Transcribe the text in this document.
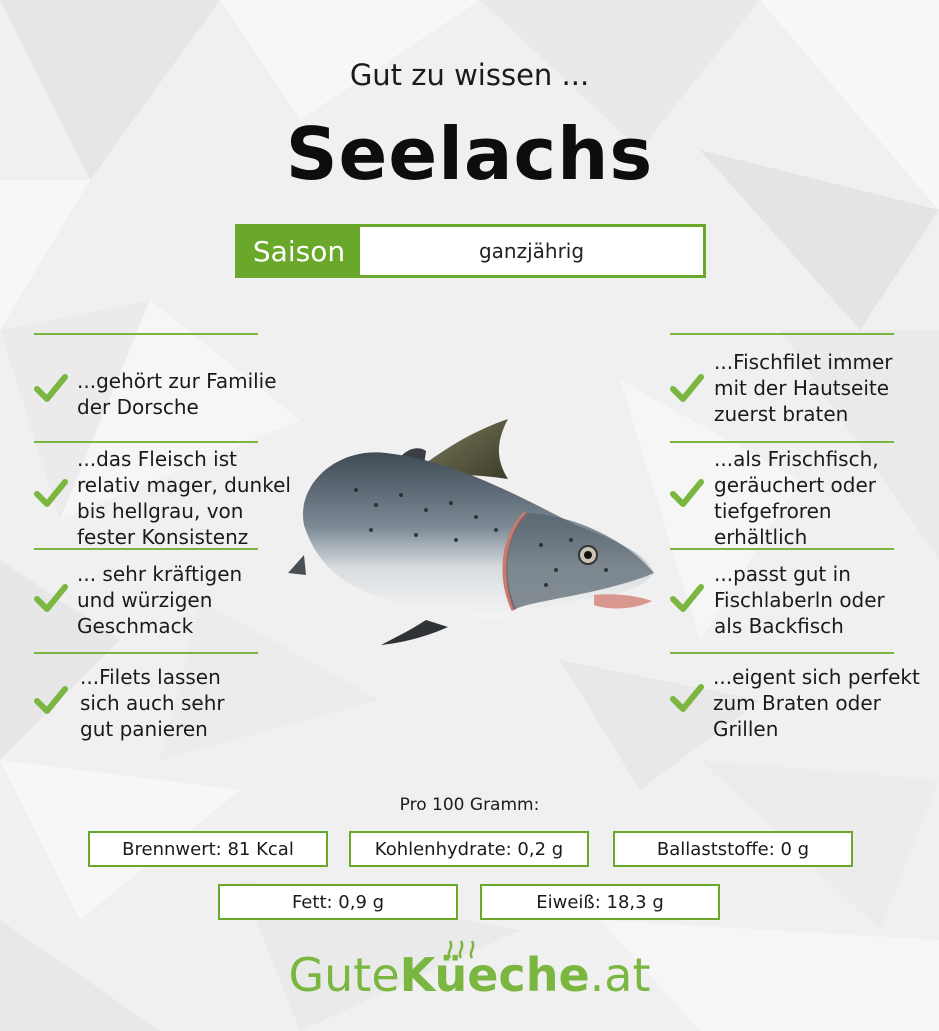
Gut zu wissen ...
Seelachs
Saison	ganzjährig
...gehört zur Familie
der Dorsche
...das Fleisch ist
relativ mager, dunkel
bis hellgrau, von
fester Konsistenz
... sehr kräftigen
und würzigen
Geschmack
...Filets lassen
sich auch sehr
gut panieren
...Fischfilet immer
mit der Hautseite
zuerst braten
...als Frischfisch,
geräuchert oder
tiefgefroren
erhältlich
...passt gut in
Fischlaberln oder
als Backfisch
...eigent sich perfekt
zum Braten oder
Grillen
Pro 100 Gramm:
Brennwert: 81 Kcal	Kohlenhydrate: 0,2 g	Ballaststoffe: 0 g
Fett: 0,9 g	Eiweiß: 18,3 g
GuteKüeche.at
